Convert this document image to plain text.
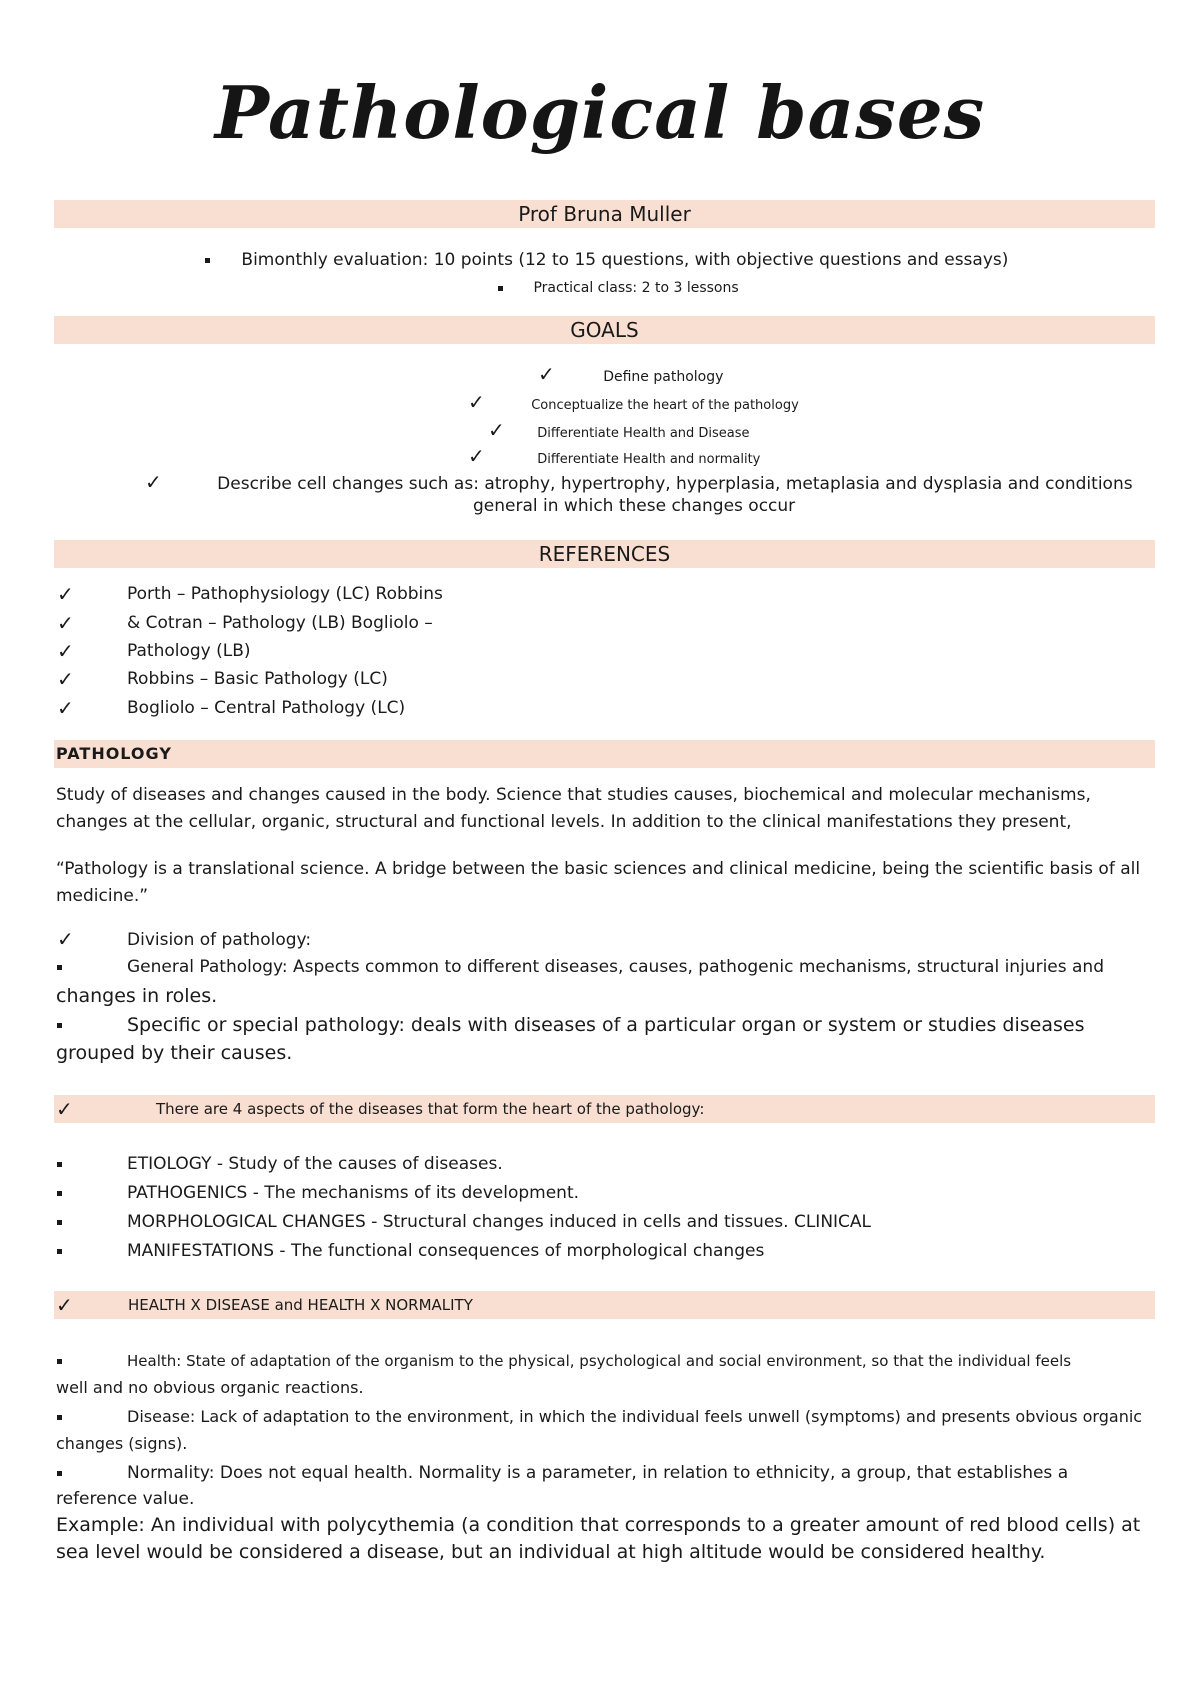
Pathological bases
Prof Bruna Muller
Bimonthly evaluation: 10 points (12 to 15 questions, with objective questions and essays)
Practical class: 2 to 3 lessons
GOALS
✓	Define pathology
✓	Conceptualize the heart of the pathology
✓ Differentiate Health and Disease
✓	Differentiate Health and normality
✓	Describe cell changes such as: atrophy, hypertrophy, hyperplasia, metaplasia and dysplasia and conditions
general in which these changes occur
REFERENCES
✓	Porth – Pathophysiology (LC) Robbins
✓	& Cotran – Pathology (LB) Bogliolo –
✓	Pathology (LB)
✓	Robbins – Basic Pathology (LC)
✓	Bogliolo – Central Pathology (LC)
PATHOLOGY
Study of diseases and changes caused in the body. Science that studies causes, biochemical and molecular mechanisms, changes at the cellular, organic, structural and functional levels. In addition to the clinical manifestations they present,
“Pathology is a translational science. A bridge between the basic sciences and clinical medicine, being the scientific basis of all medicine.”
✓	Division of pathology:
General Pathology: Aspects common to different diseases, causes, pathogenic mechanisms, structural injuries and
changes in roles.
Specific or special pathology: deals with diseases of a particular organ or system or studies diseases
grouped by their causes.
✓	There are 4 aspects of the diseases that form the heart of the pathology:
ETIOLOGY - Study of the causes of diseases.
PATHOGENICS - The mechanisms of its development.
MORPHOLOGICAL CHANGES - Structural changes induced in cells and tissues. CLINICAL
MANIFESTATIONS - The functional consequences of morphological changes
✓	HEALTH X DISEASE and HEALTH X NORMALITY
Health: State of adaptation of the organism to the physical, psychological and social environment, so that the individual feels
well and no obvious organic reactions.
Disease: Lack of adaptation to the environment, in which the individual feels unwell (symptoms) and presents obvious organic
changes (signs).
Normality: Does not equal health. Normality is a parameter, in relation to ethnicity, a group, that establishes a
reference value.
Example: An individual with polycythemia (a condition that corresponds to a greater amount of red blood cells) at
sea level would be considered a disease, but an individual at high altitude would be considered healthy.
